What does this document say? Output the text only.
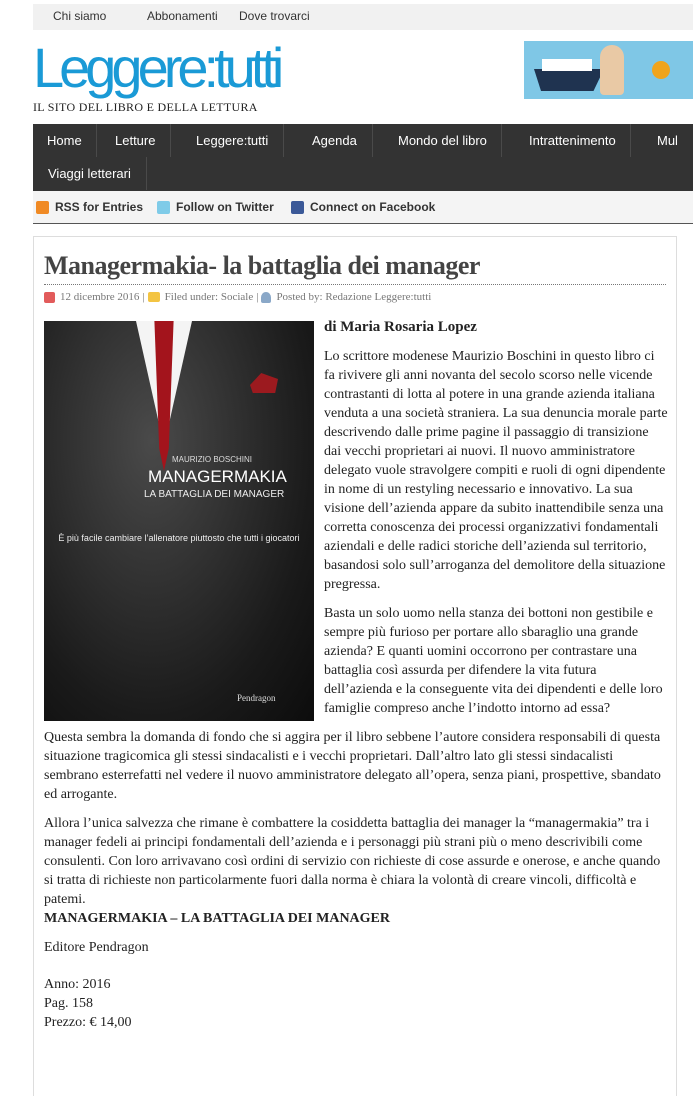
Chi siamo	Abbonamenti Dove trovarci
Leggere:tutti
IL SITO DEL LIBRO E DELLA LETTURA
Home	Letture	Leggere:tutti	Agenda	Mondo del libro	Intrattenimento	Mul
Viaggi letterari
RSS for Entries	Follow on Twitter	Connect on Facebook
Managermakia- la battaglia dei manager
12 dicembre 2016 | Filed under: Sociale | Posted by: Redazione Leggere:tutti
MAURIZIO BOSCHINI
MANAGERMAKIA
LA BATTAGLIA DEI MANAGER
È più facile cambiare l’allenatore piuttosto che tutti i giocatori
Pendragon

di Maria Rosaria Lopez

Lo scrittore modenese Maurizio Boschini in questo libro ci fa rivivere gli anni novanta del secolo scorso nelle vicende contrastanti di lotta al potere in una grande azienda italiana venduta a una società straniera. La sua denuncia morale parte descrivendo dalle prime pagine il passaggio di transizione dai vecchi proprietari ai nuovi. Il nuovo amministratore delegato vuole stravolgere compiti e ruoli di ogni dipendente in nome di un restyling necessario e innovativo. La sua visione dell’azienda appare da subito inattendibile senza una corretta conoscenza dei processi organizzativi fondamentali aziendali e delle radici storiche dell’azienda sul territorio, basandosi solo sull’arroganza del demolitore della situazione pregressa.

Basta un solo uomo nella stanza dei bottoni non gestibile e sempre più furioso per portare allo sbaraglio una grande azienda? E quanti uomini occorrono per contrastare una battaglia così assurda per difendere la vita futura dell’azienda e la conseguente vita dei dipendenti e delle loro famiglie compreso anche l’indotto intorno ad essa?

Questa sembra la domanda di fondo che si aggira per il libro sebbene l’autore considera responsabili di questa situazione tragicomica gli stessi sindacalisti e i vecchi proprietari. Dall’altro lato gli stessi sindacalisti sembrano esterrefatti nel vedere il nuovo amministratore delegato all’opera, senza piani, prospettive, sbandato ed arrogante.

Allora l’unica salvezza che rimane è combattere la cosiddetta battaglia dei manager la “managermakia” tra i manager fedeli ai principi fondamentali dell’azienda e i personaggi più strani più o meno descrivibili come consulenti. Con loro arrivavano così ordini di servizio con richieste di cose assurde e onerose, e anche quando si tratta di richieste non particolarmente fuori dalla norma è chiara la volontà di creare vincoli, difficoltà e patemi.

MANAGERMAKIA – LA BATTAGLIA DEI MANAGER

Editore Pendragon

Anno: 2016

Pag. 158

Prezzo: € 14,00
